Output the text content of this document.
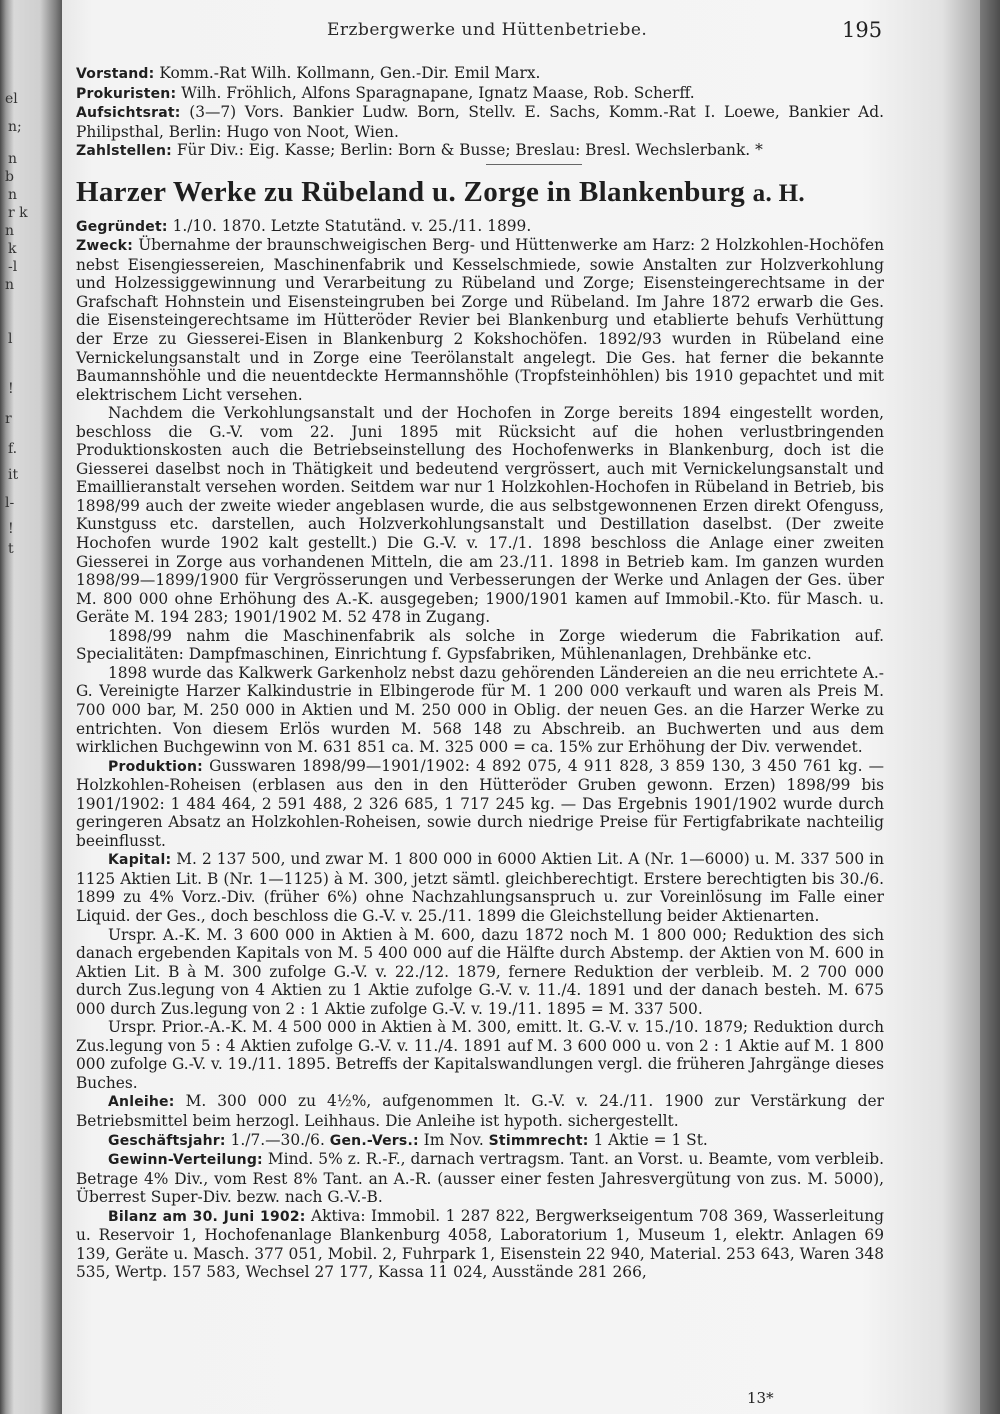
el
n;
n
b
n
r k
n
k
-l
n
l
!
r
f.
it
l-
!
t
Erzbergwerke und Hüttenbetriebe.	195

Vorstand: Komm.-Rat Wilh. Kollmann, Gen.-Dir. Emil Marx.

Prokuristen: Wilh. Fröhlich, Alfons Sparagnapane, Ignatz Maase, Rob. Scherff.

Aufsichtsrat: (3—7) Vors. Bankier Ludw. Born, Stellv. E. Sachs, Komm.-Rat I. Loewe, Bankier Ad. Philipsthal, Berlin: Hugo von Noot, Wien.

Zahlstellen: Für Div.: Eig. Kasse; Berlin: Born & Busse; Breslau: Bresl. Wechslerbank. *

Harzer Werke zu Rübeland u. Zorge in Blankenburg a. H.

Gegründet: 1./10. 1870. Letzte Statutänd. v. 25./11. 1899.

Zweck: Übernahme der braunschweigischen Berg- und Hüttenwerke am Harz: 2 Holzkohlen-Hochöfen nebst Eisengiessereien, Maschinenfabrik und Kesselschmiede, sowie Anstalten zur Holzverkohlung und Holzessiggewinnung und Verarbeitung zu Rübeland und Zorge; Eisensteingerechtsame in der Grafschaft Hohnstein und Eisensteingruben bei Zorge und Rübeland. Im Jahre 1872 erwarb die Ges. die Eisensteingerechtsame im Hütteröder Revier bei Blankenburg und etablierte behufs Verhüttung der Erze zu Giesserei-Eisen in Blankenburg 2 Kokshochöfen. 1892/93 wurden in Rübeland eine Vernickelungsanstalt und in Zorge eine Teerölanstalt angelegt. Die Ges. hat ferner die bekannte Baumannshöhle und die neuentdeckte Hermannshöhle (Tropfsteinhöhlen) bis 1910 gepachtet und mit elektrischem Licht versehen.

Nachdem die Verkohlungsanstalt und der Hochofen in Zorge bereits 1894 eingestellt worden, beschloss die G.-V. vom 22. Juni 1895 mit Rücksicht auf die hohen verlustbringenden Produktionskosten auch die Betriebseinstellung des Hochofenwerks in Blankenburg, doch ist die Giesserei daselbst noch in Thätigkeit und bedeutend vergrössert, auch mit Vernickelungsanstalt und Emaillieranstalt versehen worden. Seitdem war nur 1 Holzkohlen-Hochofen in Rübeland in Betrieb, bis 1898/99 auch der zweite wieder angeblasen wurde, die aus selbstgewonnenen Erzen direkt Ofenguss, Kunstguss etc. darstellen, auch Holzverkohlungsanstalt und Destillation daselbst. (Der zweite Hochofen wurde 1902 kalt gestellt.) Die G.-V. v. 17./1. 1898 beschloss die Anlage einer zweiten Giesserei in Zorge aus vorhandenen Mitteln, die am 23./11. 1898 in Betrieb kam. Im ganzen wurden 1898/99—1899/1900 für Vergrösserungen und Verbesserungen der Werke und Anlagen der Ges. über M. 800 000 ohne Erhöhung des A.-K. ausgegeben; 1900/1901 kamen auf Immobil.-Kto. für Masch. u. Geräte M. 194 283; 1901/1902 M. 52 478 in Zugang.

1898/99 nahm die Maschinenfabrik als solche in Zorge wiederum die Fabrikation auf. Specialitäten: Dampfmaschinen, Einrichtung f. Gypsfabriken, Mühlenanlagen, Drehbänke etc.

1898 wurde das Kalkwerk Garkenholz nebst dazu gehörenden Ländereien an die neu errichtete A.-G. Vereinigte Harzer Kalkindustrie in Elbingerode für M. 1 200 000 verkauft und waren als Preis M. 700 000 bar, M. 250 000 in Aktien und M. 250 000 in Oblig. der neuen Ges. an die Harzer Werke zu entrichten. Von diesem Erlös wurden M. 568 148 zu Abschreib. an Buchwerten und aus dem wirklichen Buchgewinn von M. 631 851 ca. M. 325 000 = ca. 15% zur Erhöhung der Div. verwendet.

Produktion: Gusswaren 1898/99—1901/1902: 4 892 075, 4 911 828, 3 859 130, 3 450 761 kg. — Holzkohlen-Roheisen (erblasen aus den in den Hütteröder Gruben gewonn. Erzen) 1898/99 bis 1901/1902: 1 484 464, 2 591 488, 2 326 685, 1 717 245 kg. — Das Ergebnis 1901/1902 wurde durch geringeren Absatz an Holzkohlen-Roheisen, sowie durch niedrige Preise für Fertigfabrikate nachteilig beeinflusst.

Kapital: M. 2 137 500, und zwar M. 1 800 000 in 6000 Aktien Lit. A (Nr. 1—6000) u. M. 337 500 in 1125 Aktien Lit. B (Nr. 1—1125) à M. 300, jetzt sämtl. gleichberechtigt. Erstere berechtigten bis 30./6. 1899 zu 4% Vorz.-Div. (früher 6%) ohne Nachzahlungsanspruch u. zur Voreinlösung im Falle einer Liquid. der Ges., doch beschloss die G.-V. v. 25./11. 1899 die Gleichstellung beider Aktienarten.

Urspr. A.-K. M. 3 600 000 in Aktien à M. 600, dazu 1872 noch M. 1 800 000; Reduktion des sich danach ergebenden Kapitals von M. 5 400 000 auf die Hälfte durch Abstemp. der Aktien von M. 600 in Aktien Lit. B à M. 300 zufolge G.-V. v. 22./12. 1879, fernere Reduktion der verbleib. M. 2 700 000 durch Zus.legung von 4 Aktien zu 1 Aktie zufolge G.-V. v. 11./4. 1891 und der danach besteh. M. 675 000 durch Zus.legung von 2 : 1 Aktie zufolge G.-V. v. 19./11. 1895 = M. 337 500.

Urspr. Prior.-A.-K. M. 4 500 000 in Aktien à M. 300, emitt. lt. G.-V. v. 15./10. 1879; Reduktion durch Zus.legung von 5 : 4 Aktien zufolge G.-V. v. 11./4. 1891 auf M. 3 600 000 u. von 2 : 1 Aktie auf M. 1 800 000 zufolge G.-V. v. 19./11. 1895. Betreffs der Kapitalswandlungen vergl. die früheren Jahrgänge dieses Buches.

Anleihe: M. 300 000 zu 4½%, aufgenommen lt. G.-V. v. 24./11. 1900 zur Verstärkung der Betriebsmittel beim herzogl. Leihhaus. Die Anleihe ist hypoth. sichergestellt.

Geschäftsjahr: 1./7.—30./6. Gen.-Vers.: Im Nov. Stimmrecht: 1 Aktie = 1 St.

Gewinn-Verteilung: Mind. 5% z. R.-F., darnach vertragsm. Tant. an Vorst. u. Beamte, vom verbleib. Betrage 4% Div., vom Rest 8% Tant. an A.-R. (ausser einer festen Jahresvergütung von zus. M. 5000), Überrest Super-Div. bezw. nach G.-V.-B.

Bilanz am 30. Juni 1902: Aktiva: Immobil. 1 287 822, Bergwerkseigentum 708 369, Wasserleitung u. Reservoir 1, Hochofenanlage Blankenburg 4058, Laboratorium 1, Museum 1, elektr. Anlagen 69 139, Geräte u. Masch. 377 051, Mobil. 2, Fuhrpark 1, Eisenstein 22 940, Material. 253 643, Waren 348 535, Wertp. 157 583, Wechsel 27 177, Kassa 11 024, Ausstände 281 266,

13*
